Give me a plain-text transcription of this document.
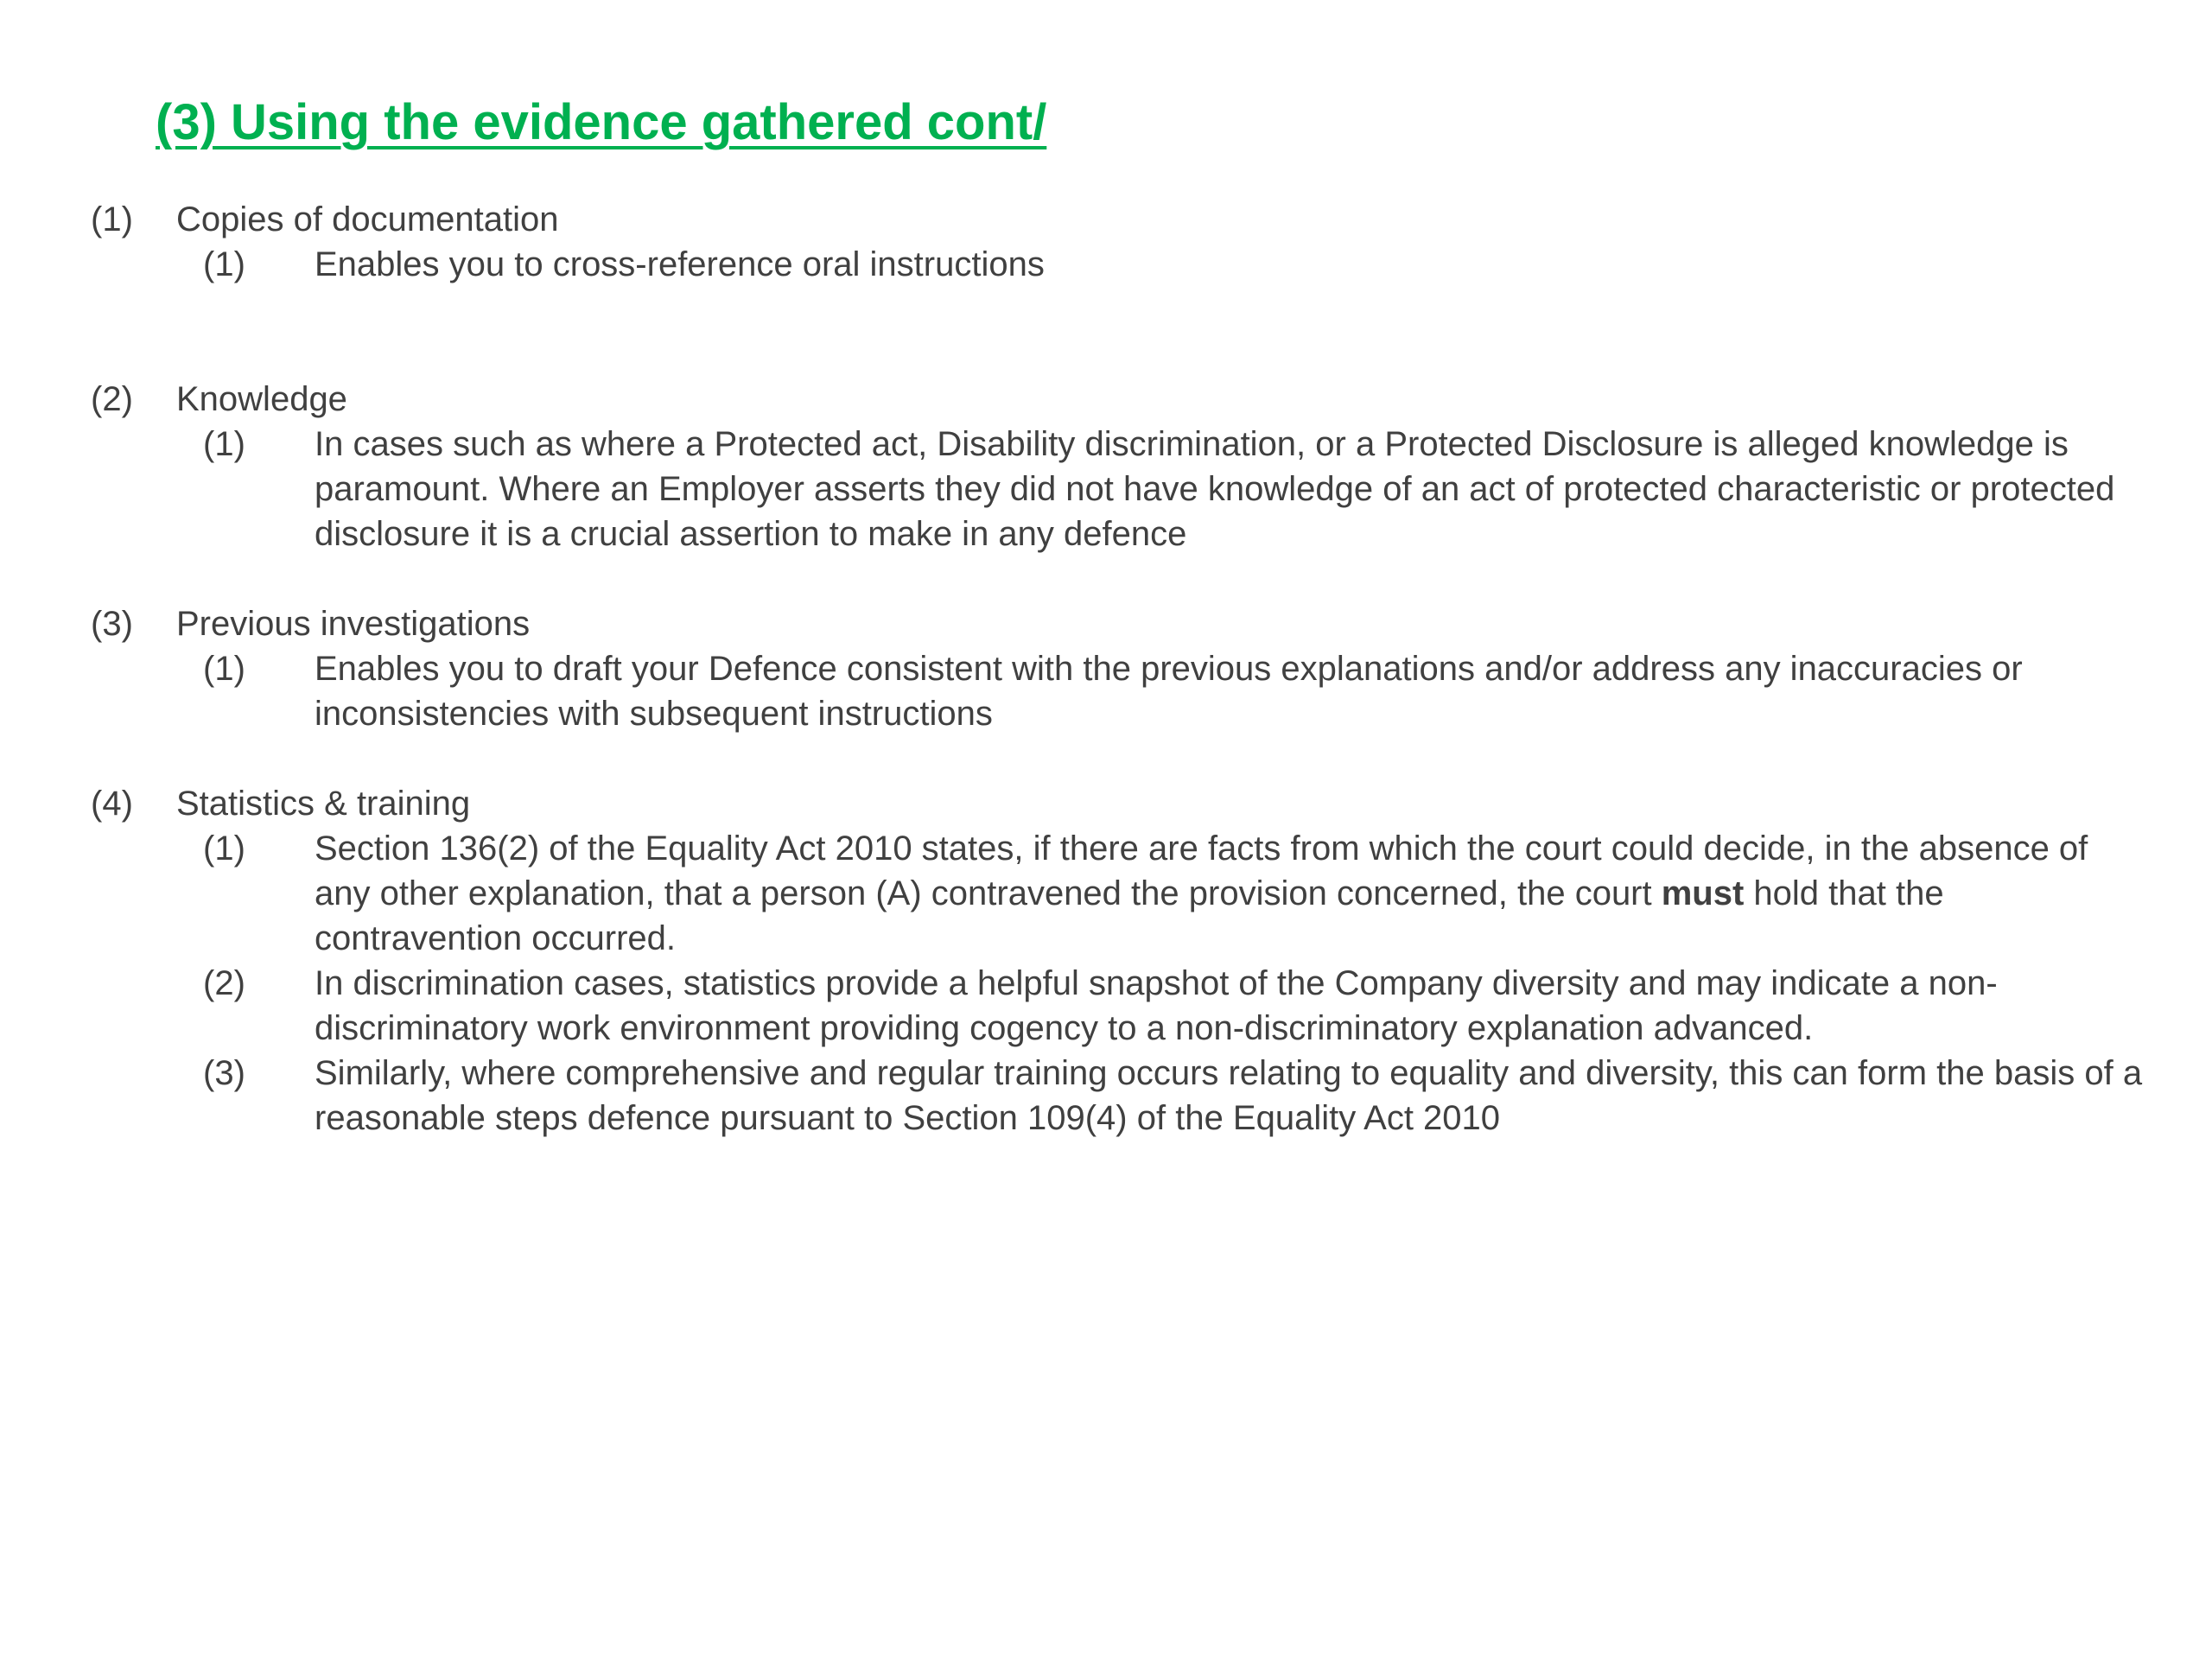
(3) Using the evidence gathered cont/
(1)	Copies of documentation
(1)	Enables you to cross-reference oral instructions
(2)	Knowledge
(1)	In cases such as where a Protected act, Disability discrimination, or a Protected Disclosure is alleged knowledge is paramount. Where an Employer asserts they did not have knowledge of an act of protected characteristic or protected disclosure it is a crucial assertion to make in any defence
(3)	Previous investigations
(1)	Enables you to draft your Defence consistent with the previous explanations and/or address any inaccuracies or inconsistencies with subsequent instructions
(4)	Statistics & training
(1)	Section 136(2) of the Equality Act 2010 states, if there are facts from which the court could decide, in the absence of any other explanation, that a person (A) contravened the provision concerned, the court must hold that the contravention occurred.
(2)	In discrimination cases, statistics provide a helpful snapshot of the Company diversity and may indicate a non-discriminatory work environment providing cogency to a non-discriminatory explanation advanced.
(3)	Similarly, where comprehensive and regular training occurs relating to equality and diversity, this can form the basis of a reasonable steps defence pursuant to Section 109(4) of the Equality Act 2010
